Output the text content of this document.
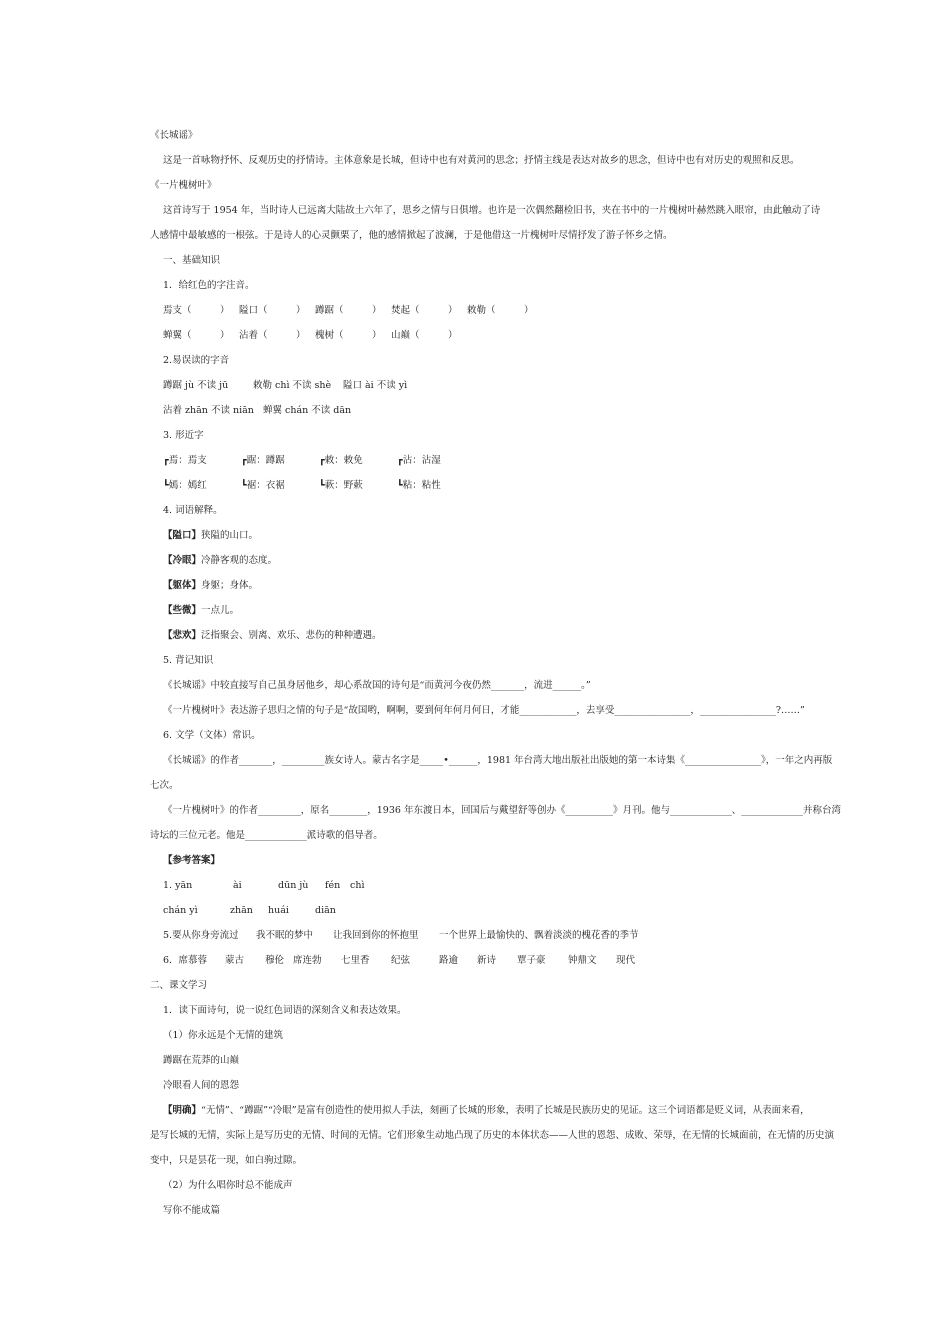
《长城谣》
这是一首咏物抒怀、反观历史的抒情诗。主体意象是长城，但诗中也有对黄河的思念；抒情主线是表达对故乡的思念，但诗中也有对历史的观照和反思。
《一片槐树叶》
这首诗写于 1954 年，当时诗人已远离大陆故土六年了，思乡之情与日俱增。也许是一次偶然翻检旧书，夹在书中的一片槐树叶赫然跳入眼帘，由此触动了诗
人感情中最敏感的一根弦。于是诗人的心灵颤栗了，他的感情掀起了波澜，于是他借这一片槐树叶尽情抒发了游子怀乡之情。
一、基础知识
1．给红色的字注音。
焉支（　　　） 隘口（　　　） 蹲踞（　　　） 焚起（　　　） 敕勒（　　　）
蝉翼（　　　） 沾着（　　　） 槐树（　　　） 山巅（　　　）
2.易误读的字音
蹲踞 jù 不读 jū	敕勒 chì 不读 shè 隘口 ài 不读 yì
沾着 zhān 不读 niān 蝉翼 chán 不读 dān
3. 形近字
┏焉：焉支	┏踞：蹲踞	┏敕：敕免	┏沾：沾湿
┗嫣：嫣红	┗裾：衣裾	┗蔌：野蔌	┗粘：粘性
4. 词语解释。
【隘口】狭隘的山口。
【冷眼】冷静客观的态度。
【躯体】身躯；身体。
【些微】一点儿。
【悲欢】泛指聚会、别离、欢乐、悲伤的种种遭遇。
5. 背记知识
《长城谣》中较直接写自己虽身居他乡，却心系故国的诗句是“而黄河今夜仍然_______，流进______。”
《一片槐树叶》表达游子思归之情的句子是“故国哟，啊啊，要到何年何月何日，才能____________，去享受________________，________________?……”
6. 文学（文体）常识。
《长城谣》的作者_______，_________族女诗人。蒙古名字是_____•______，1981 年台湾大地出版社出版她的第一本诗集《________________》，一年之内再版
七次。
《一片槐树叶》的作者_________，原名________，1936 年东渡日本，回国后与戴望舒等创办《__________》月刊。他与_____________、_____________并称台湾
诗坛的三位元老。他是_____________派诗歌的倡导者。
【参考答案】
1. yān	ài	dūn jù fén chì
chán yì	zhān huái	diān
5.要从你身旁流过 我不眠的梦中 让我回到你的怀抱里 一个世界上最愉快的、飘着淡淡的槐花香的季节
6．席慕蓉 蒙古 穆伦 席连勃 七里香 纪弦	路逾 新诗 覃子豪 钟鼎文 现代
二、课文学习
1．读下面诗句，说一说红色词语的深刻含义和表达效果。
（1）你永远是个无情的建筑
蹲踞在荒莽的山巅
冷眼看人间的恩怨
【明确】“无情”、“蹲踞”“冷眼”是富有创造性的使用拟人手法，刻画了长城的形象，表明了长城是民族历史的见证。这三个词语都是贬义词，从表面来看，
是写长城的无情，实际上是写历史的无情、时间的无情。它们形象生动地凸现了历史的本体状态——人世的恩怨、成败、荣辱，在无情的长城面前，在无情的历史演
变中，只是昙花一现，如白驹过隙。
（2）为什么唱你时总不能成声
写你不能成篇
